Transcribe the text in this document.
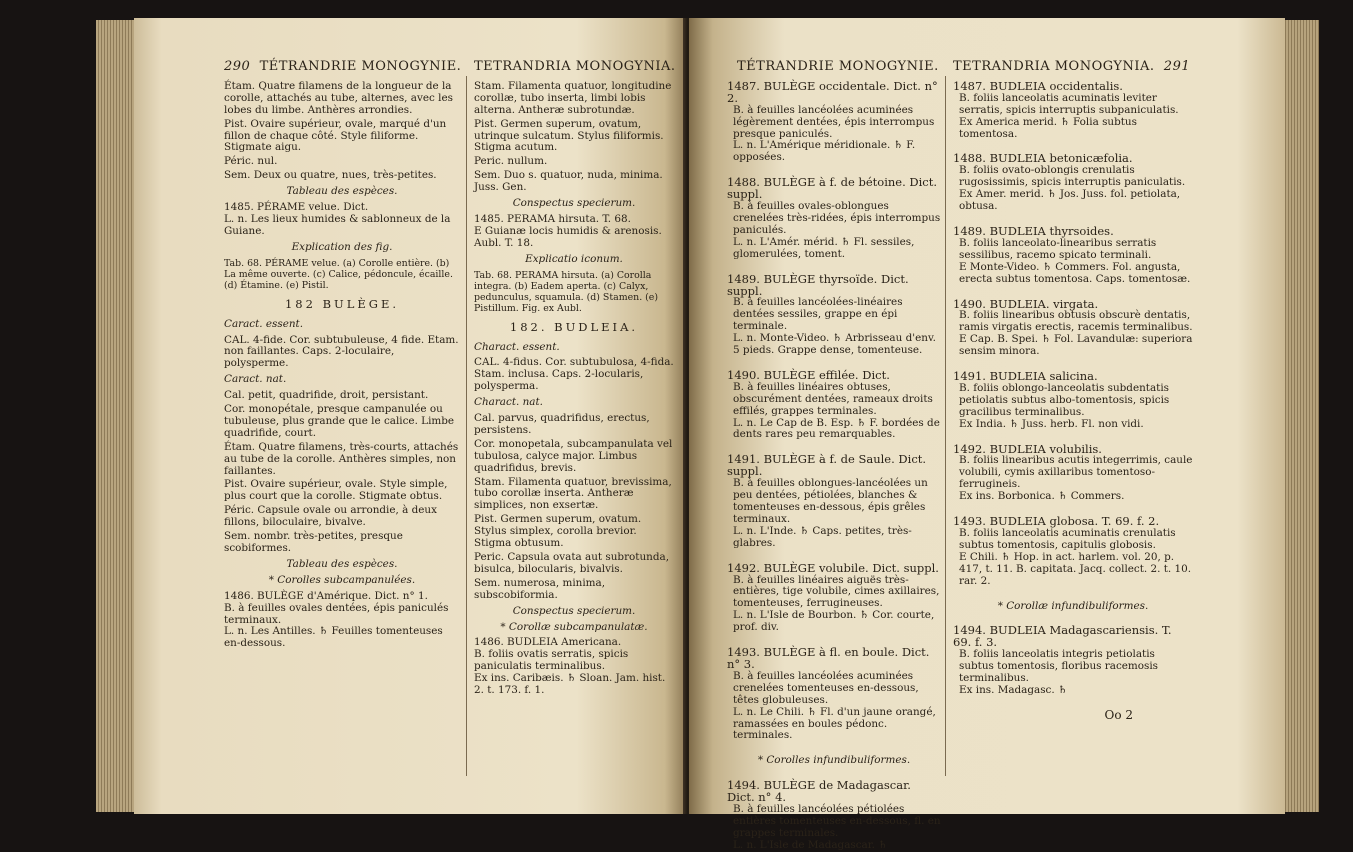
290 TÉTRANDRIE MONOGYNIE.
Étam. Quatre filamens de la longueur de la corolle, attachés au tube, alternes, avec les lobes du limbe. Anthères arrondies.
Pist. Ovaire supérieur, ovale, marqué d'un fillon de chaque côté. Style filiforme. Stigmate aigu.
Péric. nul.
Sem. Deux ou quatre, nues, très-petites.
Tableau des espèces.
1485. PÉRAME velue. Dict.
L. n. Les lieux humides & sablonneux de la Guiane.
Explication des fig.
Tab. 68. PÉRAME velue. (a) Corolle entière. (b) La même ouverte. (c) Calice, pédoncule, écaille. (d) Étamine. (e) Pistil.
182 BULÈGE.
Caract. essent.
CAL. 4-fide. Cor. subtubuleuse, 4 fide. Etam. non faillantes. Caps. 2-loculaire, polysperme.
Caract. nat.
Cal. petit, quadrifide, droit, persistant.
Cor. monopétale, presque campanulée ou tubuleuse, plus grande que le calice. Limbe quadrifide, court.
Étam. Quatre filamens, très-courts, attachés au tube de la corolle. Anthères simples, non faillantes.
Pist. Ovaire supérieur, ovale. Style simple, plus court que la corolle. Stigmate obtus.
Péric. Capsule ovale ou arrondie, à deux fillons, biloculaire, bivalve.
Sem. nombr. très-petites, presque scobiformes.
Tableau des espèces.
* Corolles subcampanulées.
1486. BULÈGE d'Amérique. Dict. n° 1.
B. à feuilles ovales dentées, épis paniculés terminaux.
L. n. Les Antilles. ♄ Feuilles tomenteuses en-dessous.
TETRANDRIA MONOGYNIA.
Stam. Filamenta quatuor, longitudine corollæ, tubo inserta, limbi lobis alterna. Antheræ subrotundæ.
Pist. Germen superum, ovatum, utrinque sulcatum. Stylus filiformis. Stigma acutum.
Peric. nullum.
Sem. Duo s. quatuor, nuda, minima. Juss. Gen.
Conspectus specierum.
1485. PERAMA hirsuta. T. 68.
E Guianæ locis humidis & arenosis. Aubl. T. 18.
Explicatio iconum.
Tab. 68. PERAMA hirsuta. (a) Corolla integra. (b) Eadem aperta. (c) Calyx, pedunculus, squamula. (d) Stamen. (e) Pistillum. Fig. ex Aubl.
182. BUDLEIA.
Charact. essent.
CAL. 4-fidus. Cor. subtubulosa, 4-fida. Stam. inclusa. Caps. 2-locularis, polysperma.
Charact. nat.
Cal. parvus, quadrifidus, erectus, persistens.
Cor. monopetala, subcampanulata vel tubulosa, calyce major. Limbus quadrifidus, brevis.
Stam. Filamenta quatuor, brevissima, tubo corollæ inserta. Antheræ simplices, non exsertæ.
Pist. Germen superum, ovatum. Stylus simplex, corolla brevior. Stigma obtusum.
Peric. Capsula ovata aut subrotunda, bisulca, bilocularis, bivalvis.
Sem. numerosa, minima, subscobiformia.
Conspectus specierum.
* Corollæ subcampanulatæ.
1486. BUDLEIA Americana.
B. foliis ovatis serratis, spicis paniculatis terminalibus.
Ex ins. Caribæis. ♄ Sloan. Jam. hist. 2. t. 173. f. 1.
TÉTRANDRIE MONOGYNIE.
1487. BULÈGE occidentale. Dict. n° 2.
B. à feuilles lancéolées acuminées légèrement dentées, épis interrompus presque paniculés.
L. n. L'Amérique méridionale. ♄ F. opposées.
1488. BULÈGE à f. de bétoine. Dict. suppl.
B. à feuilles ovales-oblongues crenelées très-ridées, épis interrompus paniculés.
L. n. L'Amér. mérid. ♄ Fl. sessiles, glomerulées, toment.
1489. BULÈGE thyrsoïde. Dict. suppl.
B. à feuilles lancéolées-linéaires dentées sessiles, grappe en épi terminale.
L. n. Monte-Video. ♄ Arbrisseau d'env. 5 pieds. Grappe dense, tomenteuse.
1490. BULÈGE effilée. Dict.
B. à feuilles linéaires obtuses, obscurément dentées, rameaux droits effilés, grappes terminales.
L. n. Le Cap de B. Esp. ♄ F. bordées de dents rares peu remarquables.
1491. BULÈGE à f. de Saule. Dict. suppl.
B. à feuilles oblongues-lancéolées un peu dentées, pétiolées, blanches & tomenteuses en-dessous, épis grêles terminaux.
L. n. L'Inde. ♄ Caps. petites, très-glabres.
1492. BULÈGE volubile. Dict. suppl.
B. à feuilles linéaires aiguës très-entières, tige volubile, cimes axillaires, tomenteuses, ferrugineuses.
L. n. L'Isle de Bourbon. ♄ Cor. courte, prof. div.
1493. BULÈGE à fl. en boule. Dict. n° 3.
B. à feuilles lancéolées acuminées crenelées tomenteuses en-dessous, têtes globuleuses.
L. n. Le Chili. ♄ Fl. d'un jaune orangé, ramassées en boules pédonc. terminales.
* Corolles infundibuliformes.
1494. BULÈGE de Madagascar. Dict. n° 4.
B. à feuilles lancéolées pétiolées entières tomenteuses en-dessous, fl. en grappes terminales.
L. n. L'Isle de Madagascar. ♄
TETRANDRIA MONOGYNIA. 291
1487. BUDLEIA occidentalis.
B. foliis lanceolatis acuminatis leviter serratis, spicis interruptis subpaniculatis.
Ex America merid. ♄ Folia subtus tomentosa.
1488. BUDLEIA betonicæfolia.
B. foliis ovato-oblongis crenulatis rugosissimis, spicis interruptis paniculatis.
Ex Amer. merid. ♄ Jos. Juss. fol. petiolata, obtusa.
1489. BUDLEIA thyrsoides.
B. foliis lanceolato-linearibus serratis sessilibus, racemo spicato terminali.
E Monte-Video. ♄ Commers. Fol. angusta, erecta subtus tomentosa. Caps. tomentosæ.
1490. BUDLEIA. virgata.
B. foliis linearibus obtusis obscurè dentatis, ramis virgatis erectis, racemis terminalibus.
E Cap. B. Spei. ♄ Fol. Lavandulæ: superiora sensim minora.
1491. BUDLEIA salicina.
B. foliis oblongo-lanceolatis subdentatis petiolatis subtus albo-tomentosis, spicis gracilibus terminalibus.
Ex India. ♄ Juss. herb. Fl. non vidi.
1492. BUDLEIA volubilis.
B. foliis linearibus acutis integerrimis, caule volubili, cymis axillaribus tomentoso-ferrugineis.
Ex ins. Borbonica. ♄ Commers.
1493. BUDLEIA globosa. T. 69. f. 2.
B. foliis lanceolatis acuminatis crenulatis subtus tomentosis, capitulis globosis.
E Chili. ♄ Hop. in act. harlem. vol. 20, p. 417, t. 11. B. capitata. Jacq. collect. 2. t. 10. rar. 2.
* Corollæ infundibuliformes.
1494. BUDLEIA Madagascariensis. T. 69. f. 3.
B. foliis lanceolatis integris petiolatis subtus tomentosis, floribus racemosis terminalibus.
Ex ins. Madagasc. ♄
Oo 2
